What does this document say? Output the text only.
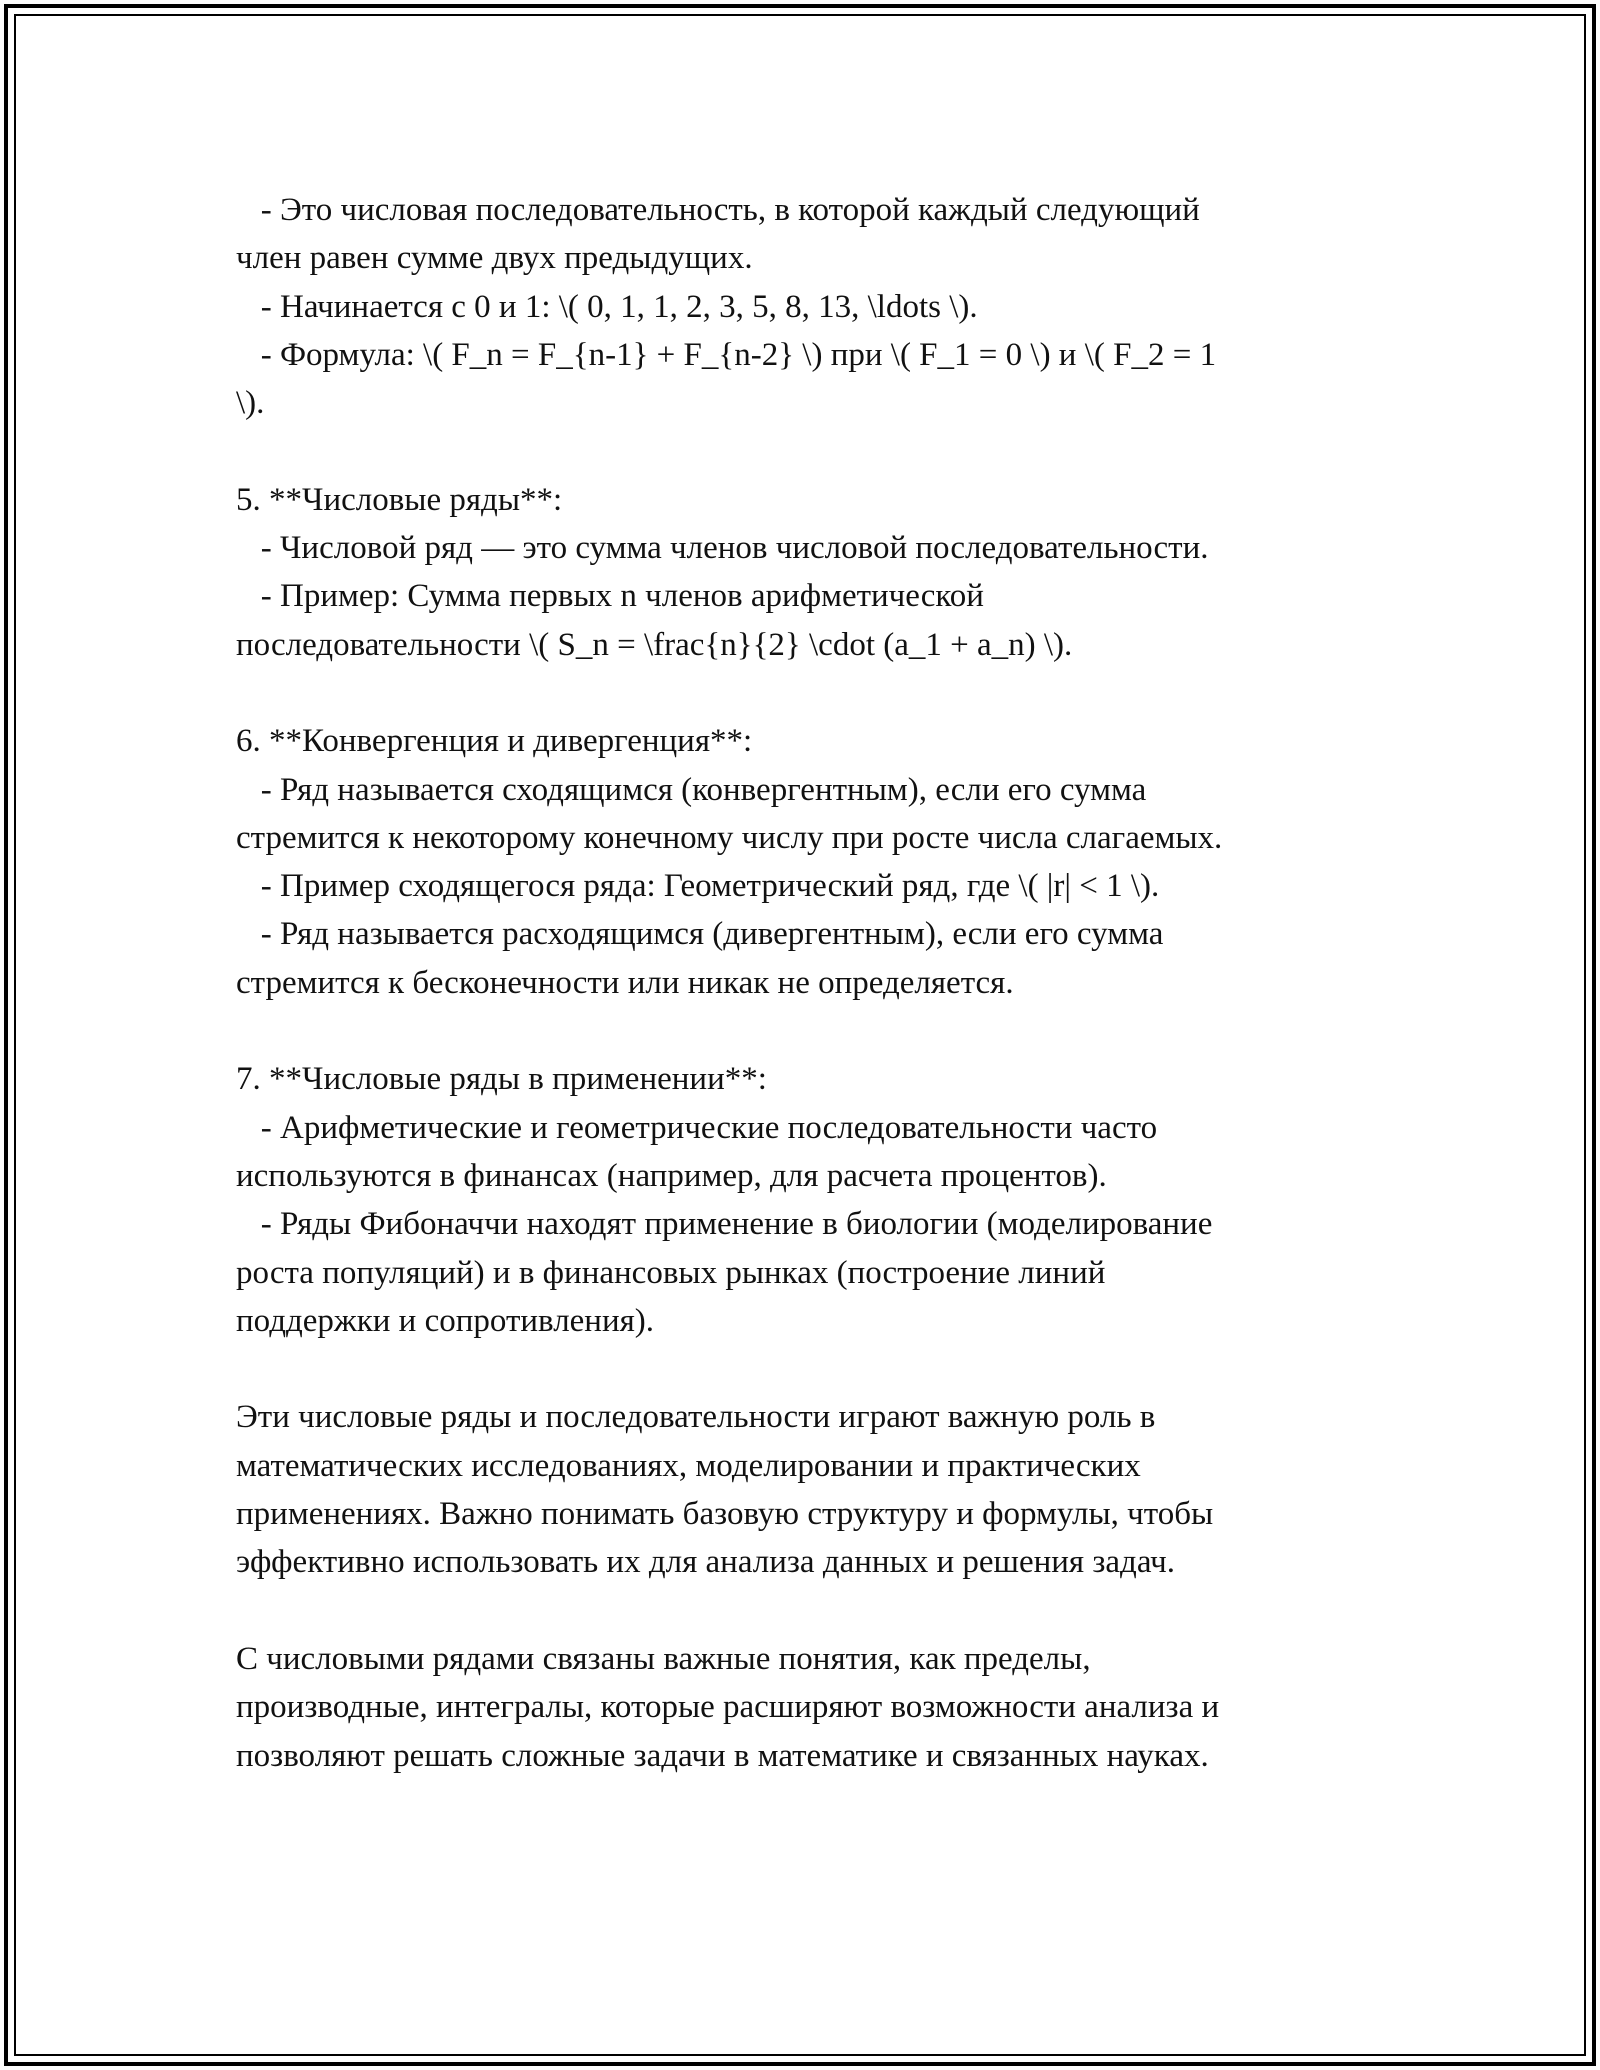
- Это числовая последовательность, в которой каждый следующий
член равен сумме двух предыдущих.
- Начинается с 0 и 1: \( 0, 1, 1, 2, 3, 5, 8, 13, \ldots \).
- Формула: \( F_n = F_{n-1} + F_{n-2} \) при \( F_1 = 0 \) и \( F_2 = 1
\).
5. **Числовые ряды**:
- Числовой ряд — это сумма членов числовой последовательности.
- Пример: Сумма первых n членов арифметической
последовательности \( S_n = \frac{n}{2} \cdot (a_1 + a_n) \).
6. **Конвергенция и дивергенция**:
- Ряд называется сходящимся (конвергентным), если его сумма
стремится к некоторому конечному числу при росте числа слагаемых.
- Пример сходящегося ряда: Геометрический ряд, где \( |r| < 1 \).
- Ряд называется расходящимся (дивергентным), если его сумма
стремится к бесконечности или никак не определяется.
7. **Числовые ряды в применении**:
- Арифметические и геометрические последовательности часто
используются в финансах (например, для расчета процентов).
- Ряды Фибоначчи находят применение в биологии (моделирование
роста популяций) и в финансовых рынках (построение линий
поддержки и сопротивления).
Эти числовые ряды и последовательности играют важную роль в
математических исследованиях, моделировании и практических
применениях. Важно понимать базовую структуру и формулы, чтобы
эффективно использовать их для анализа данных и решения задач.
С числовыми рядами связаны важные понятия, как пределы,
производные, интегралы, которые расширяют возможности анализа и
позволяют решать сложные задачи в математике и связанных науках.
